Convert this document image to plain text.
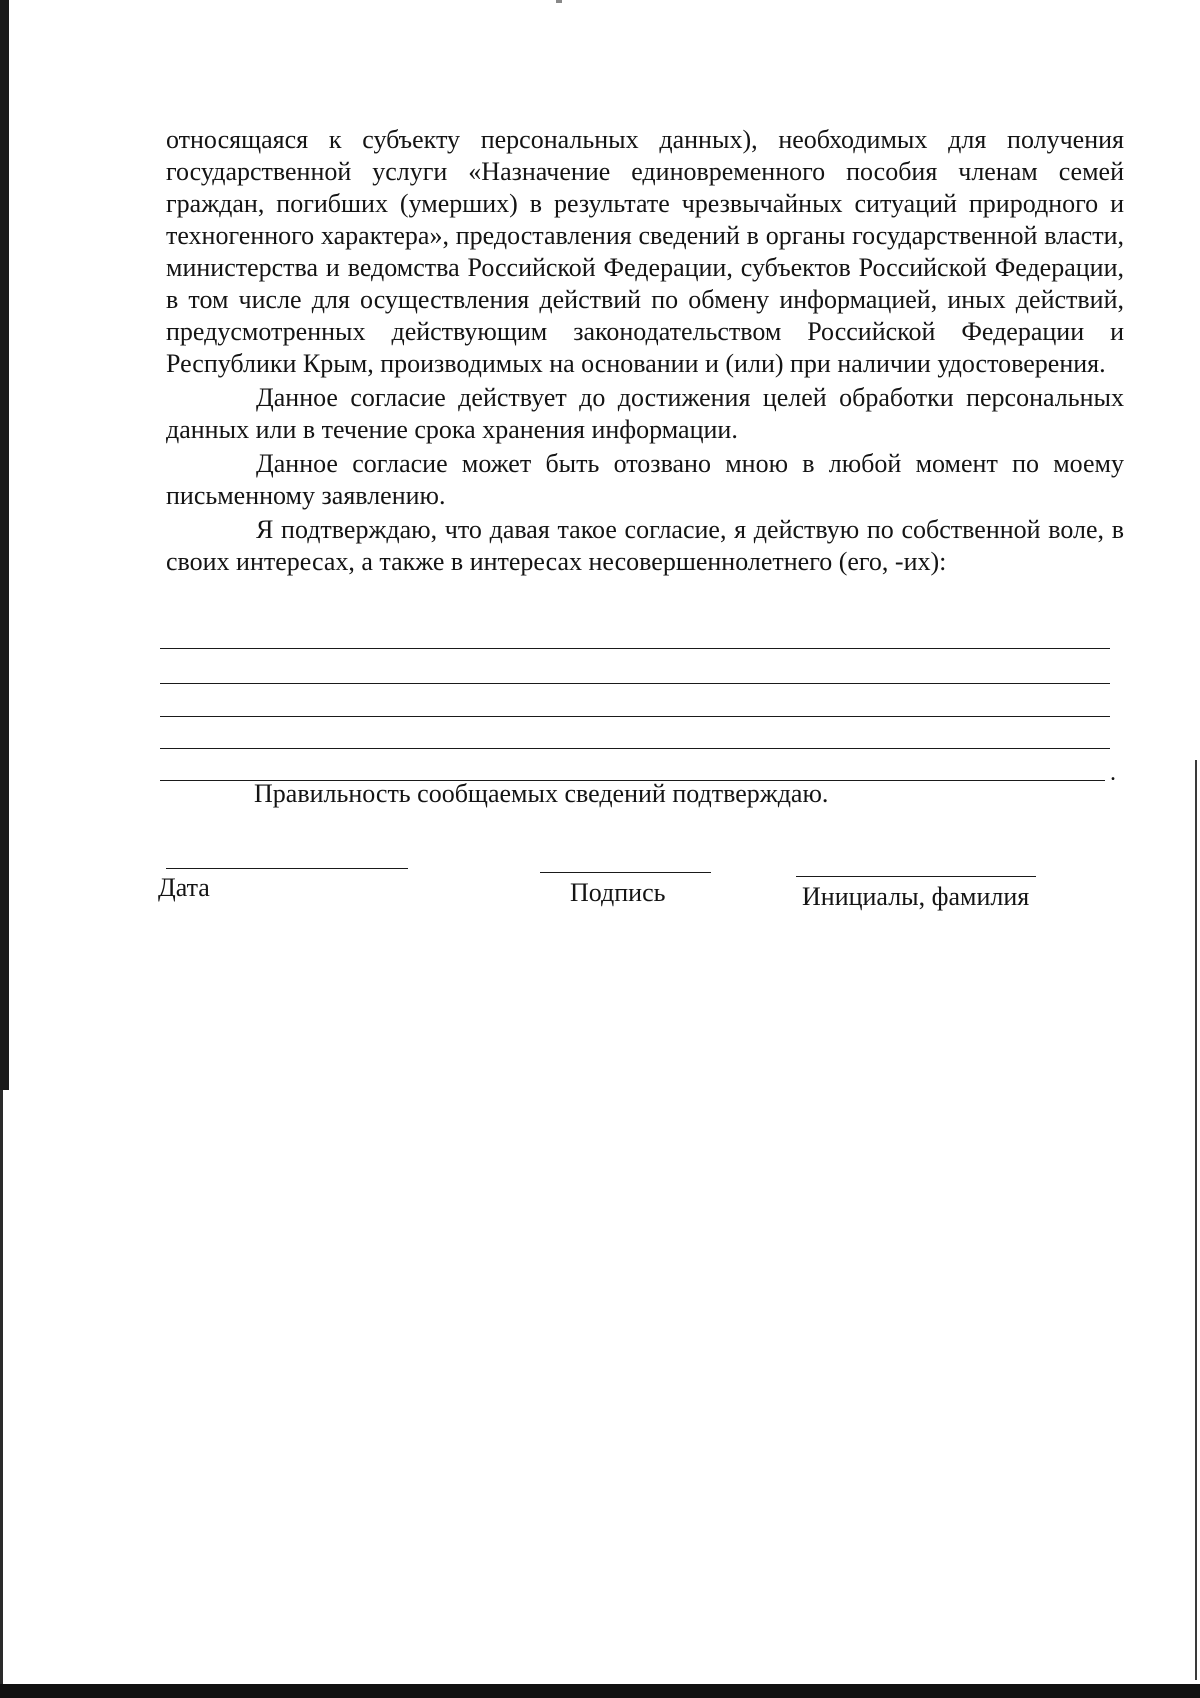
относящаяся к субъекту персональных данных), необходимых для получения государственной услуги «Назначение единовременного пособия членам семей граждан, погибших (умерших) в результате чрезвычайных ситуаций природного и техногенного характера», предоставления сведений в органы государственной власти, министерства и ведомства Российской Федерации, субъектов Российской Федерации, в том числе для осуществления действий по обмену информацией, иных действий, предусмотренных действующим законодательством Российской Федерации и Республики Крым, производимых на основании и (или) при наличии удостоверения.

Данное согласие действует до достижения целей обработки персональных данных или в течение срока хранения информации.

Данное согласие может быть отозвано мною в любой момент по моему письменному заявлению.

Я подтверждаю, что давая такое согласие, я действую по собственной воле, в своих интересах, а также в интересах несовершеннолетнего (его, -их):

.
Правильность сообщаемых сведений подтверждаю.
Дата	Подпись	Инициалы, фамилия
